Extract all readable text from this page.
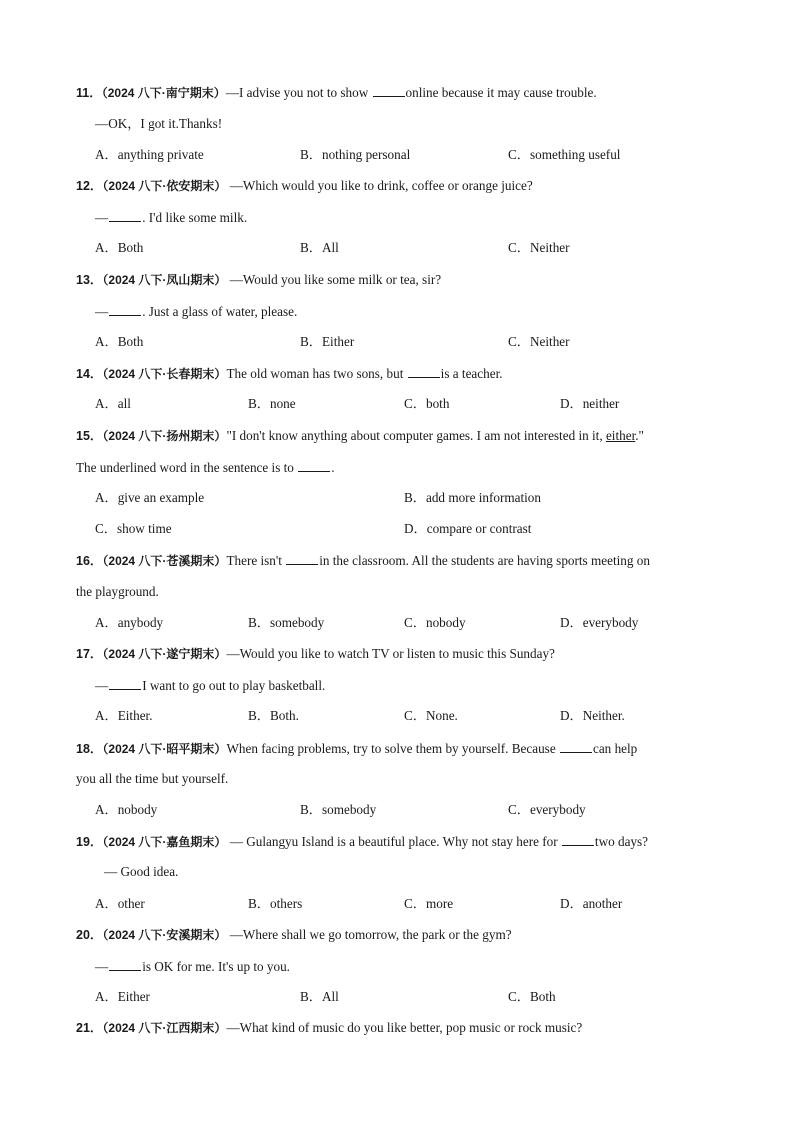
11．（2024 八下·南宁期末）—I advise you not to show	online because it may cause trouble.
—OK，I got it.Thanks!
A．anything private	B．nothing personal	C．something useful
12．（2024 八下·依安期末） —Which would you like to drink, coffee or orange juice?
—	. I'd like some milk.
A．Both	B．All	C．Neither
13．（2024 八下·凤山期末） —Would you like some milk or tea, sir?
—	. Just a glass of water, please.
A．Both	B．Either	C．Neither
14．（2024 八下·长春期末）The old woman has two sons, but	is a teacher.
A．all	B．none	C．both	D．neither
15．（2024 八下·扬州期末）"I don't know anything about computer games. I am not interested in it, either."
The underlined word in the sentence is to	.
A．give an example	B．add more information
C．show time	D．compare or contrast
16．（2024 八下·苍溪期末）There isn't	in the classroom. All the students are having sports meeting on
the playground.
A．anybody	B．somebody	C．nobody	D．everybody
17．（2024 八下·遂宁期末）—Would you like to watch TV or listen to music this Sunday?
—	I want to go out to play basketball.
A．Either.	B．Both.	C．None.	D．Neither.
18．（2024 八下·昭平期末）When facing problems, try to solve them by yourself. Because	can help
you all the time but yourself.
A．nobody	B．somebody	C．everybody
19．（2024 八下·嘉鱼期末） — Gulangyu Island is a beautiful place. Why not stay here for	two days?
— Good idea.
A．other	B．others	C．more	D．another
20．（2024 八下·安溪期末） —Where shall we go tomorrow, the park or the gym?
—	is OK for me. It's up to you.
A．Either	B．All	C．Both
21．（2024 八下·江西期末）—What kind of music do you like better, pop music or rock music?
